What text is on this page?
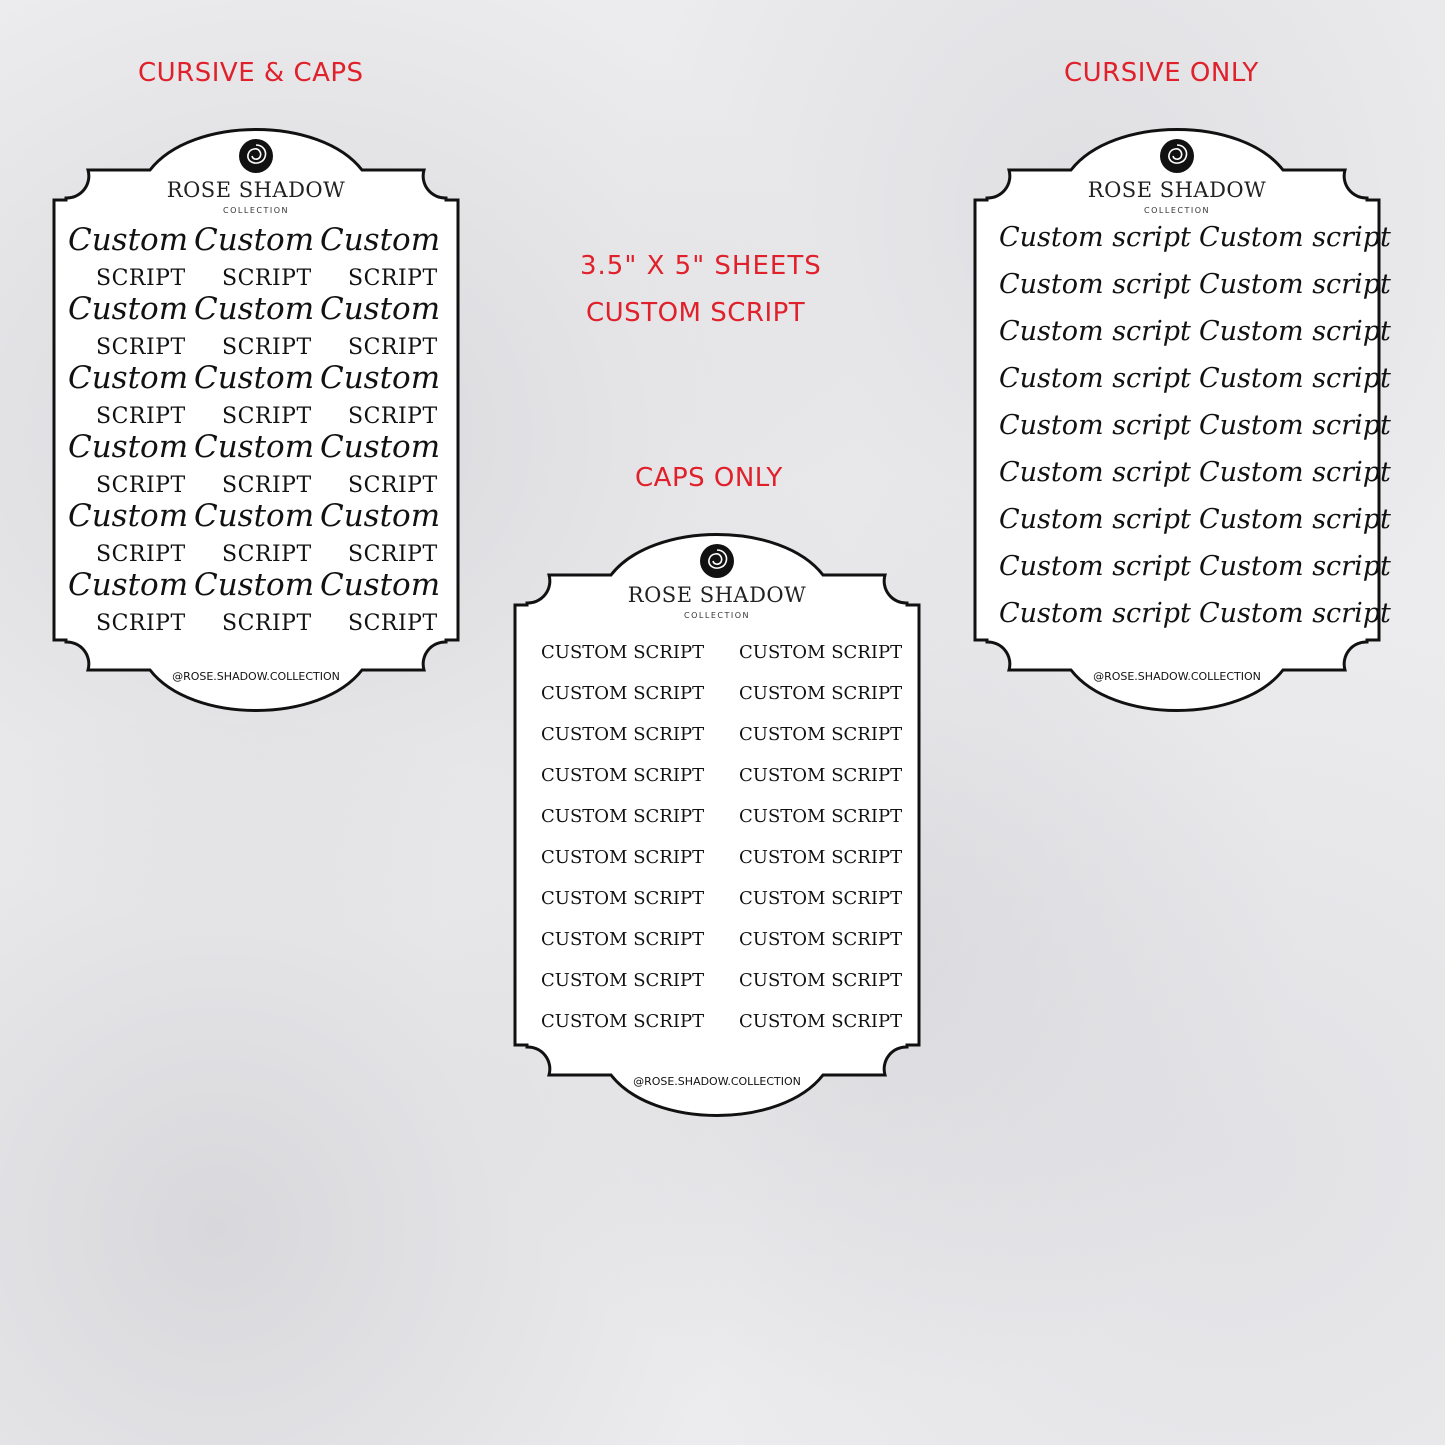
CURSIVE & CAPS	CURSIVE ONLY
3.5" X 5" SHEETS
CUSTOM SCRIPT
CAPS ONLY
ROSE SHADOW
COLLECTION
Custom
SCRIPT
Custom
SCRIPT
Custom
SCRIPT
Custom
SCRIPT
Custom
SCRIPT
Custom
SCRIPT
Custom
SCRIPT
Custom
SCRIPT
Custom
SCRIPT
Custom
SCRIPT
Custom
SCRIPT
Custom
SCRIPT
Custom
SCRIPT
Custom
SCRIPT
Custom
SCRIPT
Custom
SCRIPT
Custom
SCRIPT
Custom
SCRIPT
@ROSE.SHADOW.COLLECTION
ROSE SHADOW
COLLECTION
Custom script Custom script
Custom script Custom script
Custom script Custom script
Custom script Custom script
Custom script Custom script
Custom script Custom script
Custom script Custom script
Custom script Custom script
Custom script Custom script
@ROSE.SHADOW.COLLECTION
ROSE SHADOW
COLLECTION
CUSTOM SCRIPT CUSTOM SCRIPT
CUSTOM SCRIPT CUSTOM SCRIPT
CUSTOM SCRIPT CUSTOM SCRIPT
CUSTOM SCRIPT CUSTOM SCRIPT
CUSTOM SCRIPT CUSTOM SCRIPT
CUSTOM SCRIPT CUSTOM SCRIPT
CUSTOM SCRIPT CUSTOM SCRIPT
CUSTOM SCRIPT CUSTOM SCRIPT
CUSTOM SCRIPT CUSTOM SCRIPT
CUSTOM SCRIPT CUSTOM SCRIPT
@ROSE.SHADOW.COLLECTION
